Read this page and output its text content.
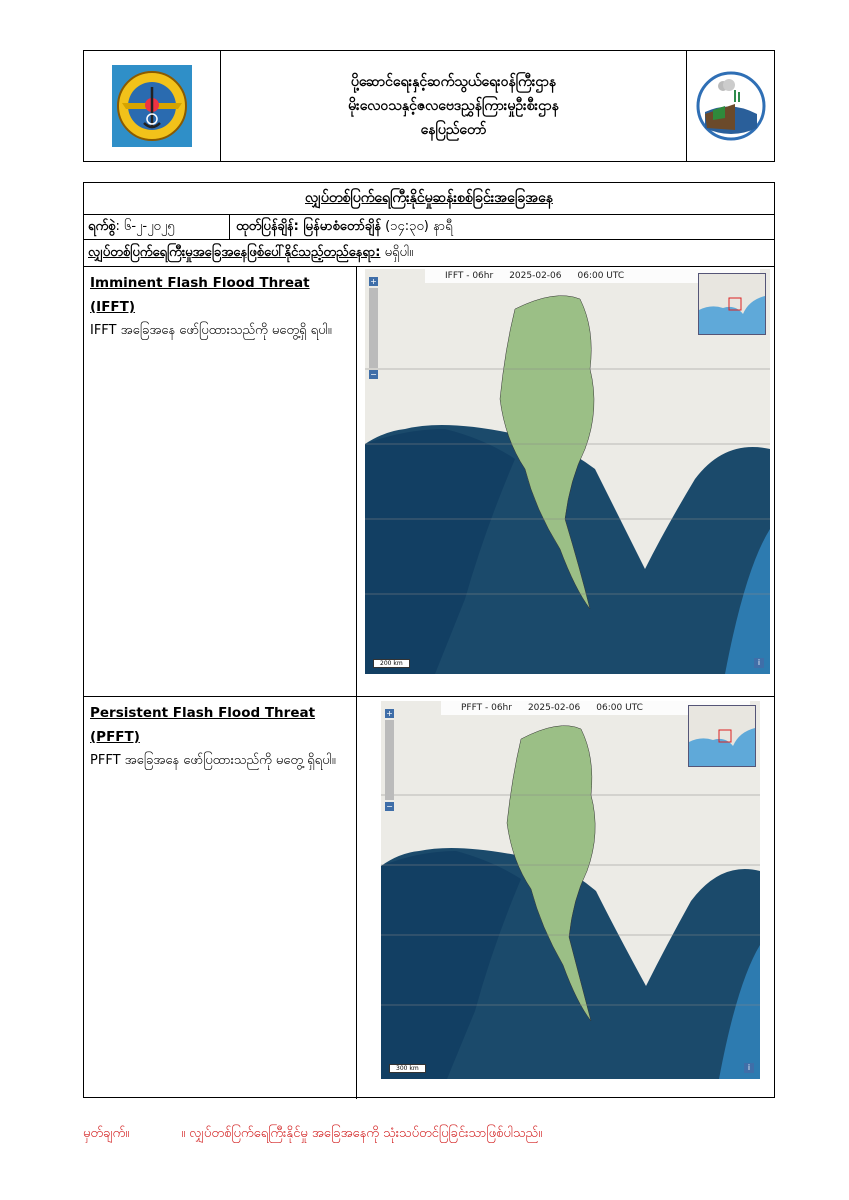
ပို့ဆောင်ရေးနှင့်ဆက်သွယ်ရေးဝန်ကြီးဌာန
မိုးလေဝသနှင့်ဇလဗေဒညွှန်ကြားမှုဦးစီးဌာန
နေပြည်တော်
လျှပ်တစ်ပြက်ရေကြီးနိုင်မှုဆန်းစစ်ခြင်းအခြေအနေ
ရက်စွဲ: ၆-၂-၂၀၂၅	ထုတ်ပြန်ချိန်: မြန်မာစံတော်ချိန် (၁၄:၃၀) နာရီ
လျှပ်တစ်ပြက်ရေကြီးမှုအခြေအနေဖြစ်ပေါ်နိုင်သည့်တည်နေရာ: မရှိပါ။
Imminent Flash Flood Threat (IFFT)
IFFT အခြေအနေ ဖော်ပြထားသည်ကို မတွေ့ရှိ ရပါ။
IFFT - 06hr 2025-02-06 06:00 UTC
+
−
200 km	i
Persistent Flash Flood Threat (PFFT)
PFFT အခြေအနေ ဖော်ပြထားသည်ကို မတွေ့ ရှိရပါ။
PFFT - 06hr 2025-02-06 06:00 UTC
+
−
300 km	i
မှတ်ချက်။	။ လျှပ်တစ်ပြက်ရေကြီးနိုင်မှု အခြေအနေကို သုံးသပ်တင်ပြခြင်းသာဖြစ်ပါသည်။
